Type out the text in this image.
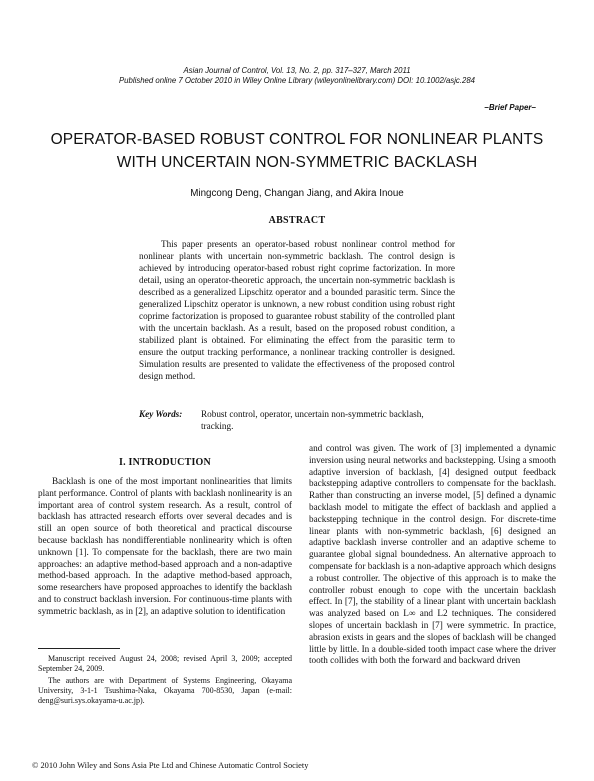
Asian Journal of Control, Vol. 13, No. 2, pp. 317–327, March 2011
Published online 7 October 2010 in Wiley Online Library (wileyonlinelibrary.com) DOI: 10.1002/asjc.284
–Brief Paper–
OPERATOR-BASED ROBUST CONTROL FOR NONLINEAR PLANTS
WITH UNCERTAIN NON-SYMMETRIC BACKLASH
Mingcong Deng, Changan Jiang, and Akira Inoue
ABSTRACT
This paper presents an operator-based robust nonlinear control method for nonlinear plants with uncertain non-symmetric backlash. The control design is achieved by introducing operator-based robust right coprime factorization. In more detail, using an operator-theoretic approach, the uncertain non-symmetric backlash is described as a generalized Lipschitz operator and a bounded parasitic term. Since the generalized Lipschitz operator is unknown, a new robust condition using robust right coprime factorization is proposed to guarantee robust stability of the controlled plant with the uncertain backlash. As a result, based on the proposed robust condition, a stabilized plant is obtained. For eliminating the effect from the parasitic term to ensure the output tracking performance, a nonlinear tracking controller is designed. Simulation results are presented to validate the effectiveness of the proposed control design method.
Key Words: Robust control, operator, uncertain non-symmetric backlash, tracking.
I. INTRODUCTION
Backlash is one of the most important nonlinearities that limits plant performance. Control of plants with backlash nonlinearity is an important area of control system research. As a result, control of backlash has attracted research efforts over several decades and is still an open source of both theoretical and practical discourse because backlash has nondifferentiable nonlinearity which is often unknown [1]. To compensate for the backlash, there are two main approaches: an adaptive method-based approach and a non-adaptive method-based approach. In the adaptive method-based approach, some researchers have proposed approaches to identify the backlash and to construct backlash inversion. For continuous-time plants with symmetric backlash, as in [2], an adaptive solution to identification
and control was given. The work of [3] implemented a dynamic inversion using neural networks and backstepping. Using a smooth adaptive inversion of backlash, [4] designed output feedback backstepping adaptive controllers to compensate for the backlash. Rather than constructing an inverse model, [5] defined a dynamic backlash model to mitigate the effect of backlash and applied a backstepping technique in the control design. For discrete-time linear plants with non-symmetric backlash, [6] designed an adaptive backlash inverse controller and an adaptive scheme to guarantee global signal boundedness. An alternative approach to compensate for backlash is a non-adaptive approach which designs a robust controller. The objective of this approach is to make the controller robust enough to cope with the uncertain backlash effect. In [7], the stability of a linear plant with uncertain backlash was analyzed based on L∞ and L2 techniques. The considered slopes of uncertain backlash in [7] were symmetric. In practice, abrasion exists in gears and the slopes of backlash will be changed little by little. In a double-sided tooth impact case where the driver tooth collides with both the forward and backward driven
Manuscript received August 24, 2008; revised April 3, 2009; accepted September 24, 2009.
The authors are with Department of Systems Engineering, Okayama University, 3-1-1 Tsushima-Naka, Okayama 700-8530, Japan (e-mail: deng@suri.sys.okayama-u.ac.jp).
© 2010 John Wiley and Sons Asia Pte Ltd and Chinese Automatic Control Society
